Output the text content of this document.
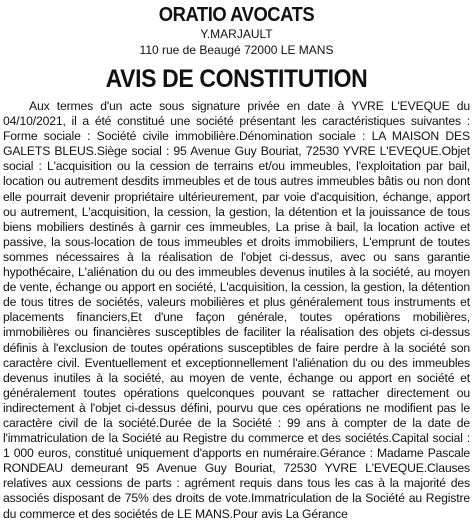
ORATIO AVOCATS
Y.MARJAULT
110 rue de Beaugé 72000 LE MANS
AVIS DE CONSTITUTION

Aux termes d'un acte sous signature privée en date à YVRE L'EVEQUE du 04/10/2021, il a été constitué une société présentant les caractéristiques suivantes : Forme sociale : Société civile immobilière.Dénomination sociale : LA MAISON DES GALETS BLEUS.Siège social : 95 Avenue Guy Bouriat, 72530 YVRE L'EVEQUE.Objet social : L'acquisition ou la cession de terrains et/ou immeubles, l'exploitation par bail, location ou autrement desdits immeubles et de tous autres immeubles bâtis ou non dont elle pourrait devenir propriétaire ultérieurement, par voie d'acquisition, échange, apport ou autrement, L'acquisition, la cession, la gestion, la détention et la jouissance de tous biens mobiliers destinés à garnir ces immeubles, La prise à bail, la location active et passive, la sous-location de tous immeubles et droits immobiliers, L'emprunt de toutes sommes nécessaires à la réalisation de l'objet ci-dessus, avec ou sans garantie hypothécaire, L'aliénation du ou des immeubles devenus inutiles à la société, au moyen de vente, échange ou apport en société, L'acquisition, la cession, la gestion, la détention de tous titres de sociétés, valeurs mobilières et plus généralement tous instruments et placements financiers,Et d'une façon générale, toutes opérations mobilières, immobilières ou financières susceptibles de faciliter la réalisation des objets ci-dessus définis à l'exclusion de toutes opérations susceptibles de faire perdre à la société son caractère civil. Eventuellement et exceptionnellement l'aliénation du ou des immeubles devenus inutiles à la société, au moyen de vente, échange ou apport en société et généralement toutes opérations quelconques pouvant se rattacher directement ou indirectement à l'objet ci-dessus défini, pourvu que ces opérations ne modifient pas le caractère civil de la société.Durée de la Société : 99 ans à compter de la date de l'immatriculation de la Société au Registre du commerce et des sociétés.Capital social : 1 000 euros, constitué uniquement d'apports en numéraire.Gérance : Madame Pascale RONDEAU demeurant 95 Avenue Guy Bouriat, 72530 YVRE L'EVEQUE.Clauses relatives aux cessions de parts : agrément requis dans tous les cas à la majorité des associés disposant de 75% des droits de vote.Immatriculation de la Société au Registre du commerce et des sociétés de LE MANS.Pour avis La Gérance
